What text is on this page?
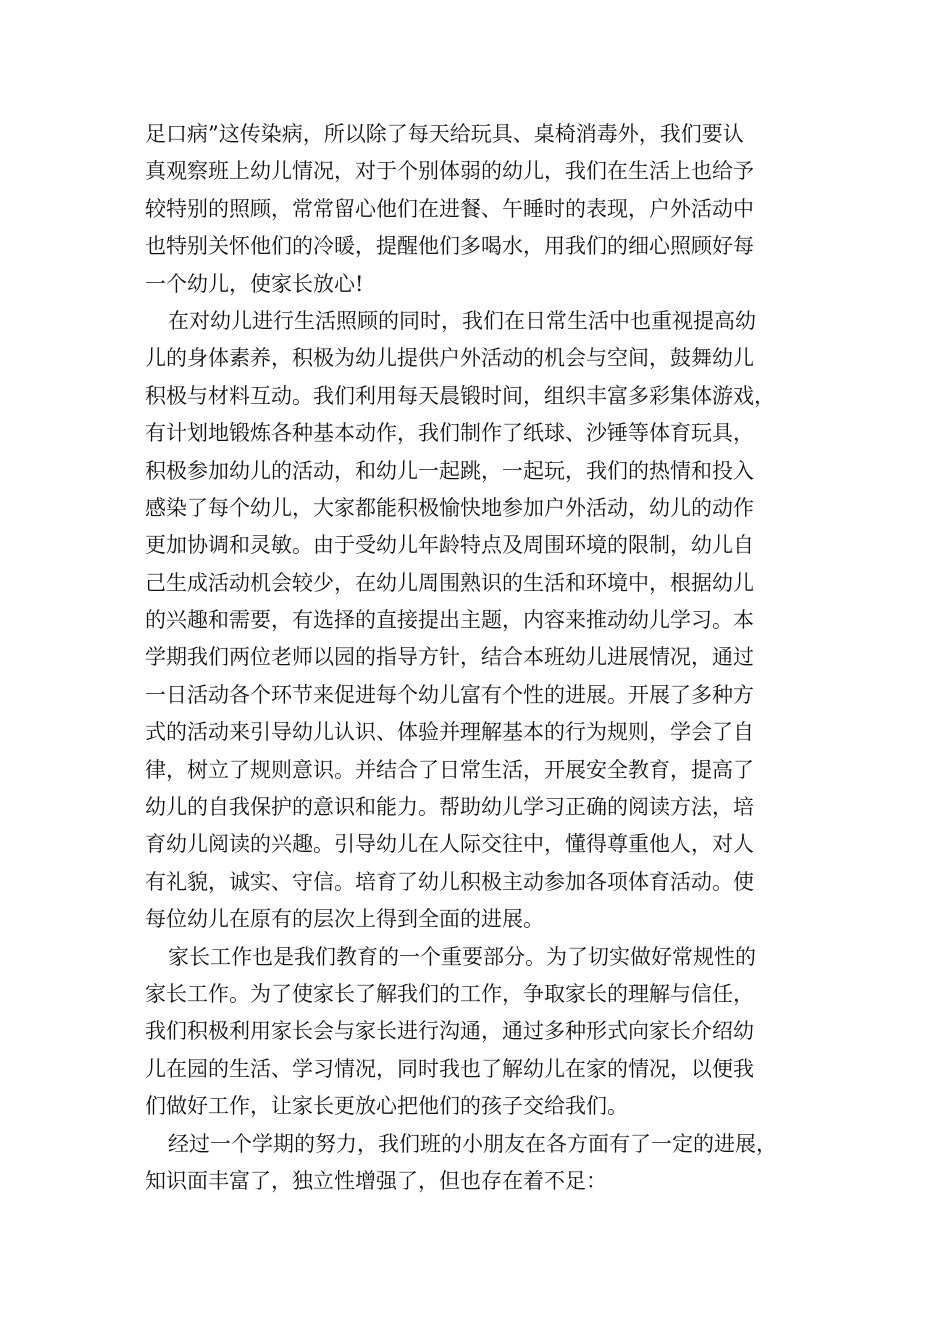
足口病”这传染病，所以除了每天给玩具、桌椅消毒外，我们要认
真观察班上幼儿情况，对于个别体弱的幼儿，我们在生活上也给予
较特别的照顾，常常留心他们在进餐、午睡时的表现，户外活动中
也特别关怀他们的冷暖，提醒他们多喝水，用我们的细心照顾好每
一个幼儿，使家长放心!
在对幼儿进行生活照顾的同时，我们在日常生活中也重视提高幼
儿的身体素养，积极为幼儿提供户外活动的机会与空间，鼓舞幼儿
积极与材料互动。我们利用每天晨锻时间，组织丰富多彩集体游戏，
有计划地锻炼各种基本动作，我们制作了纸球、沙锤等体育玩具，
积极参加幼儿的活动，和幼儿一起跳，一起玩，我们的热情和投入
感染了每个幼儿，大家都能积极愉快地参加户外活动，幼儿的动作
更加协调和灵敏。由于受幼儿年龄特点及周围环境的限制，幼儿自
己生成活动机会较少，在幼儿周围熟识的生活和环境中，根据幼儿
的兴趣和需要，有选择的直接提出主题，内容来推动幼儿学习。本
学期我们两位老师以园的指导方针，结合本班幼儿进展情况，通过
一日活动各个环节来促进每个幼儿富有个性的进展。开展了多种方
式的活动来引导幼儿认识、体验并理解基本的行为规则，学会了自
律，树立了规则意识。并结合了日常生活，开展安全教育，提高了
幼儿的自我保护的意识和能力。帮助幼儿学习正确的阅读方法，培
育幼儿阅读的兴趣。引导幼儿在人际交往中，懂得尊重他人，对人
有礼貌，诚实、守信。培育了幼儿积极主动参加各项体育活动。使
每位幼儿在原有的层次上得到全面的进展。
家长工作也是我们教育的一个重要部分。为了切实做好常规性的
家长工作。为了使家长了解我们的工作，争取家长的理解与信任，
我们积极利用家长会与家长进行沟通，通过多种形式向家长介绍幼
儿在园的生活、学习情况，同时我也了解幼儿在家的情况，以便我
们做好工作，让家长更放心把他们的孩子交给我们。
经过一个学期的努力，我们班的小朋友在各方面有了一定的进展，
知识面丰富了，独立性增强了，但也存在着不足：
